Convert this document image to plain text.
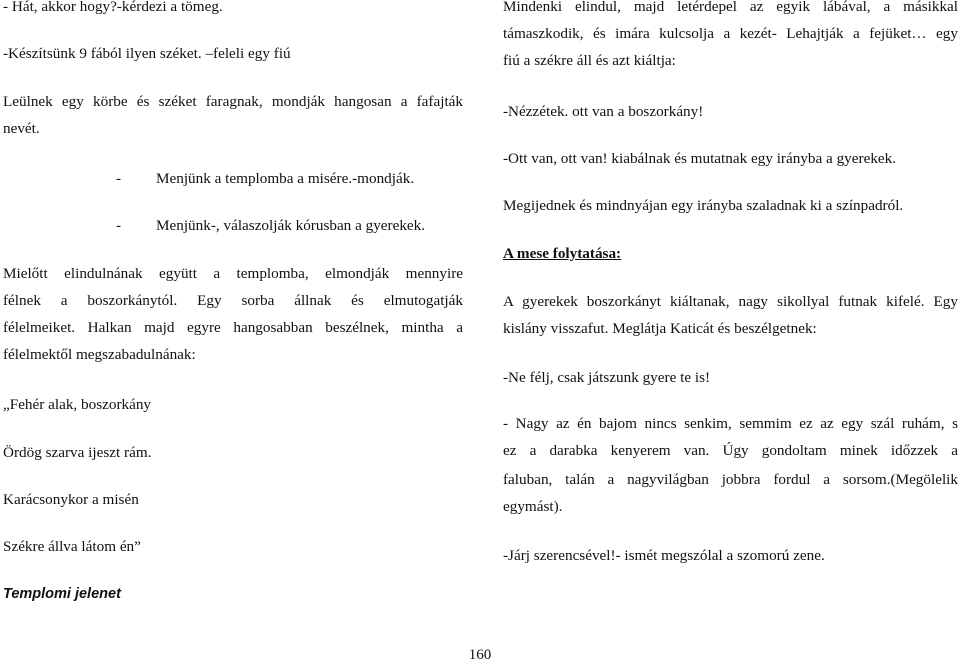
- Hát, akkor hogy?-kérdezi a tömeg.
-Készítsünk 9 fából ilyen széket. –feleli egy fiú
Leülnek egy körbe és széket faragnak, mondják hangosan a fafajták
nevét.
- Menjünk a templomba a misére.-mondják.
- Menjünk-, válaszolják kórusban a gyerekek.
Mielőtt elindulnának együtt a templomba, elmondják mennyire
félnek a boszorkánytól. Egy sorba állnak és elmutogatják
félelmeiket. Halkan majd egyre hangosabban beszélnek, mintha a
félelmektől megszabadulnának:
„Fehér alak, boszorkány
Ördög szarva ijeszt rám.
Karácsonykor a misén
Székre állva látom én”
Templomi jelenet
Mindenki elindul, majd letérdepel az egyik lábával, a másikkal
támaszkodik, és imára kulcsolja a kezét- Lehajtják a fejüket… egy
fiú a székre áll és azt kiáltja:
-Nézzétek. ott van a boszorkány!
-Ott van, ott van! kiabálnak és mutatnak egy irányba a gyerekek.
Megijednek és mindnyájan egy irányba szaladnak ki a színpadról.
A mese folytatása:
A gyerekek boszorkányt kiáltanak, nagy sikollyal futnak kifelé. Egy
kislány visszafut. Meglátja Katicát és beszélgetnek:
-Ne félj, csak játszunk gyere te is!
- Nagy az én bajom nincs senkim, semmim ez az egy szál ruhám, s
ez a darabka kenyerem van. Úgy gondoltam minek időzzek a
faluban, talán a nagyvilágban jobbra fordul a sorsom.(Megölelik
egymást).
-Járj szerencsével!- ismét megszólal a szomorú zene.
160
